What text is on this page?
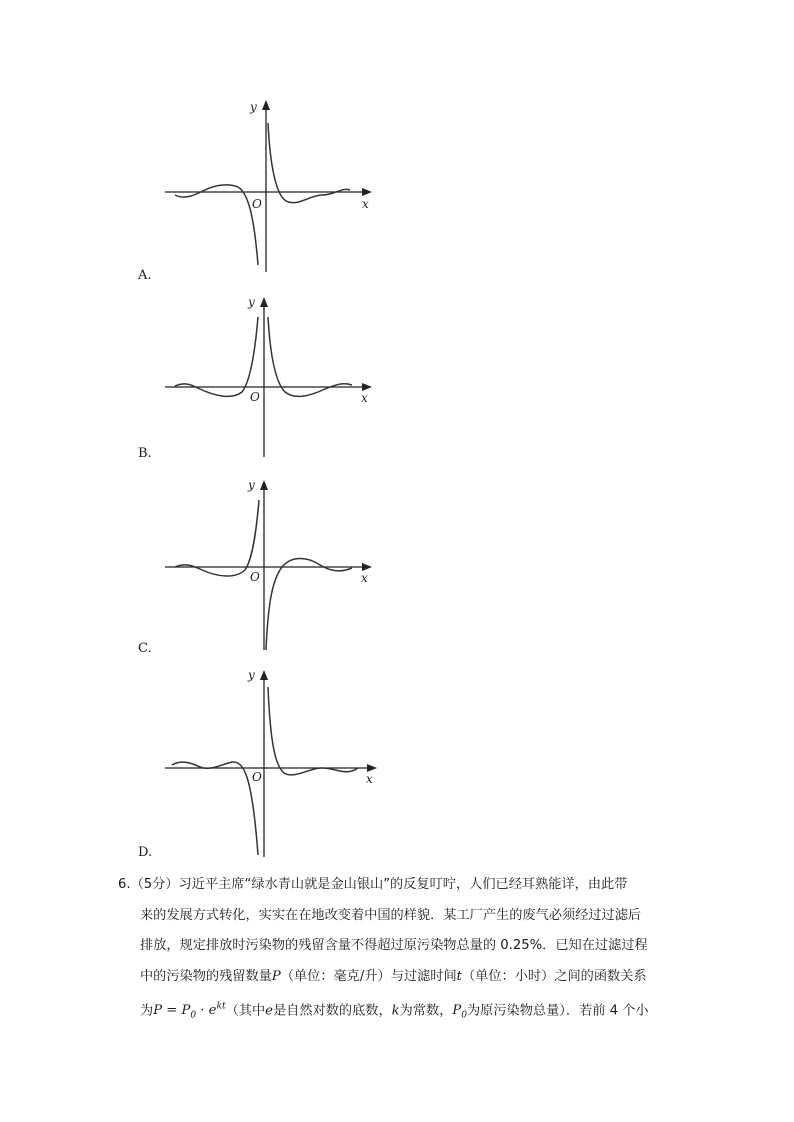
y
x
O
A.
y
x
O
B.
y
x
O
C.
y
x
O
D.
6.（5分）习近平主席“绿水青山就是金山银山”的反复叮咛，人们已经耳熟能详，由此带
来的发展方式转化，实实在在地改变着中国的样貌．某工厂产生的废气必须经过过滤后
排放，规定排放时污染物的残留含量不得超过原污染物总量的 0.25%．已知在过滤过程
中的污染物的残留数量P（单位：毫克/升）与过滤时间t（单位：小时）之间的函数关系
为$P = P_0 \cdot e^{kt}$（其中e是自然对数的底数，k为常数，$P_0$为原污染物总量）．若前 4 个小
